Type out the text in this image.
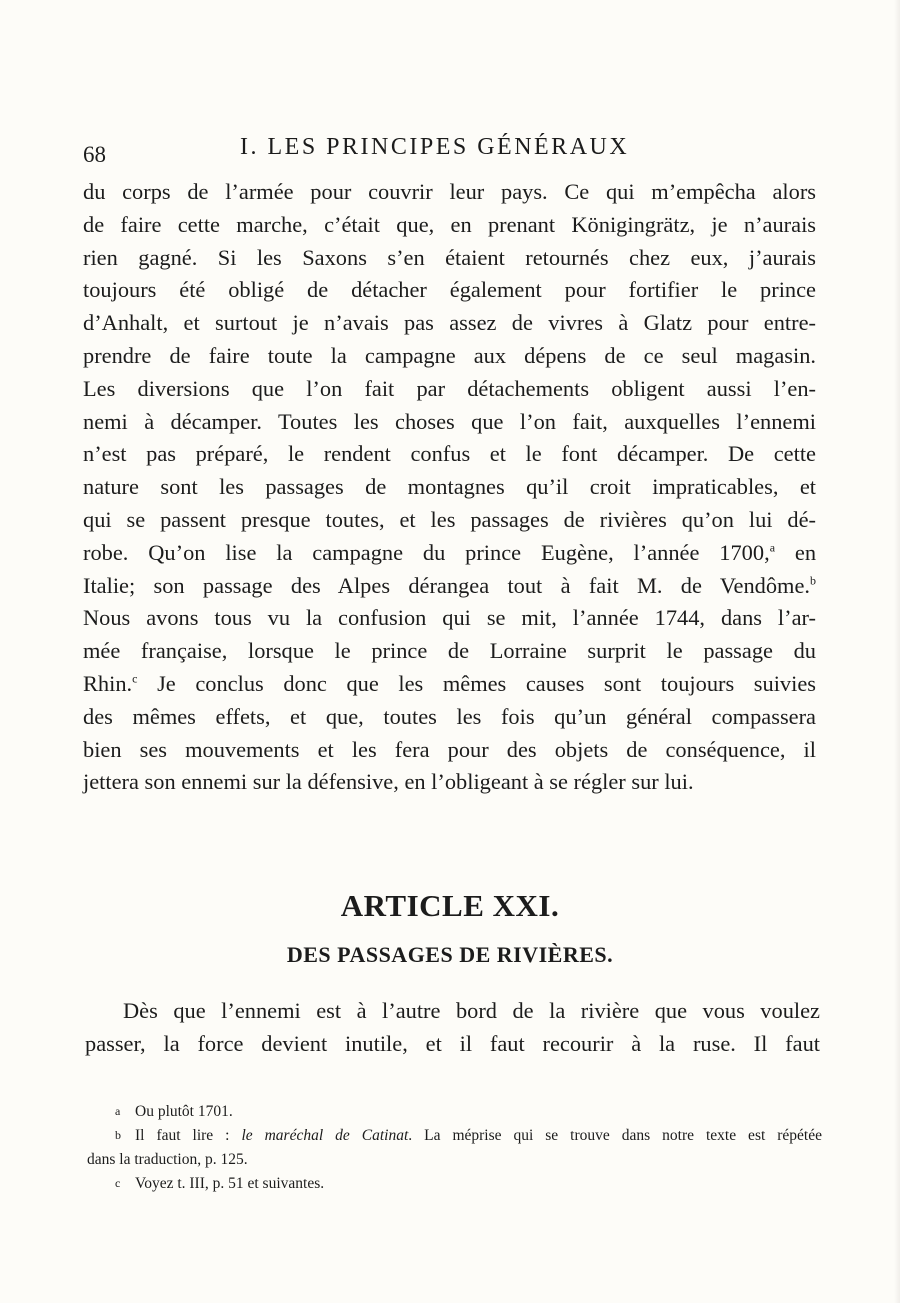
68	I. LES PRINCIPES GÉNÉRAUX
du corps de l’armée pour couvrir leur pays. Ce qui m’empêcha alors
de faire cette marche, c’était que, en prenant Königingrätz, je n’aurais
rien gagné. Si les Saxons s’en étaient retournés chez eux, j’aurais
toujours été obligé de détacher également pour fortifier le prince
d’Anhalt, et surtout je n’avais pas assez de vivres à Glatz pour entre-
prendre de faire toute la campagne aux dépens de ce seul magasin.
Les diversions que l’on fait par détachements obligent aussi l’en-
nemi à décamper. Toutes les choses que l’on fait, auxquelles l’ennemi
n’est pas préparé, le rendent confus et le font décamper. De cette
nature sont les passages de montagnes qu’il croit impraticables, et
qui se passent presque toutes, et les passages de rivières qu’on lui dé-
robe. Qu’on lise la campagne du prince Eugène, l’année 1700,$^a$ en
Italie; son passage des Alpes dérangea tout à fait M. de Vendôme.$^b$
Nous avons tous vu la confusion qui se mit, l’année 1744, dans l’ar-
mée française, lorsque le prince de Lorraine surprit le passage du
Rhin.$^c$ Je conclus donc que les mêmes causes sont toujours suivies
des mêmes effets, et que, toutes les fois qu’un général compassera
bien ses mouvements et les fera pour des objets de conséquence, il
jettera son ennemi sur la défensive, en l’obligeant à se régler sur lui.
ARTICLE XXI.
DES PASSAGES DE RIVIÈRES.
Dès que l’ennemi est à l’autre bord de la rivière que vous voulez
passer, la force devient inutile, et il faut recourir à la ruse. Il faut
a Ou plutôt 1701.
b Il faut lire : le maréchal de Catinat. La méprise qui se trouve dans notre texte est répétée
dans la traduction, p. 125.
c Voyez t. III, p. 51 et suivantes.
